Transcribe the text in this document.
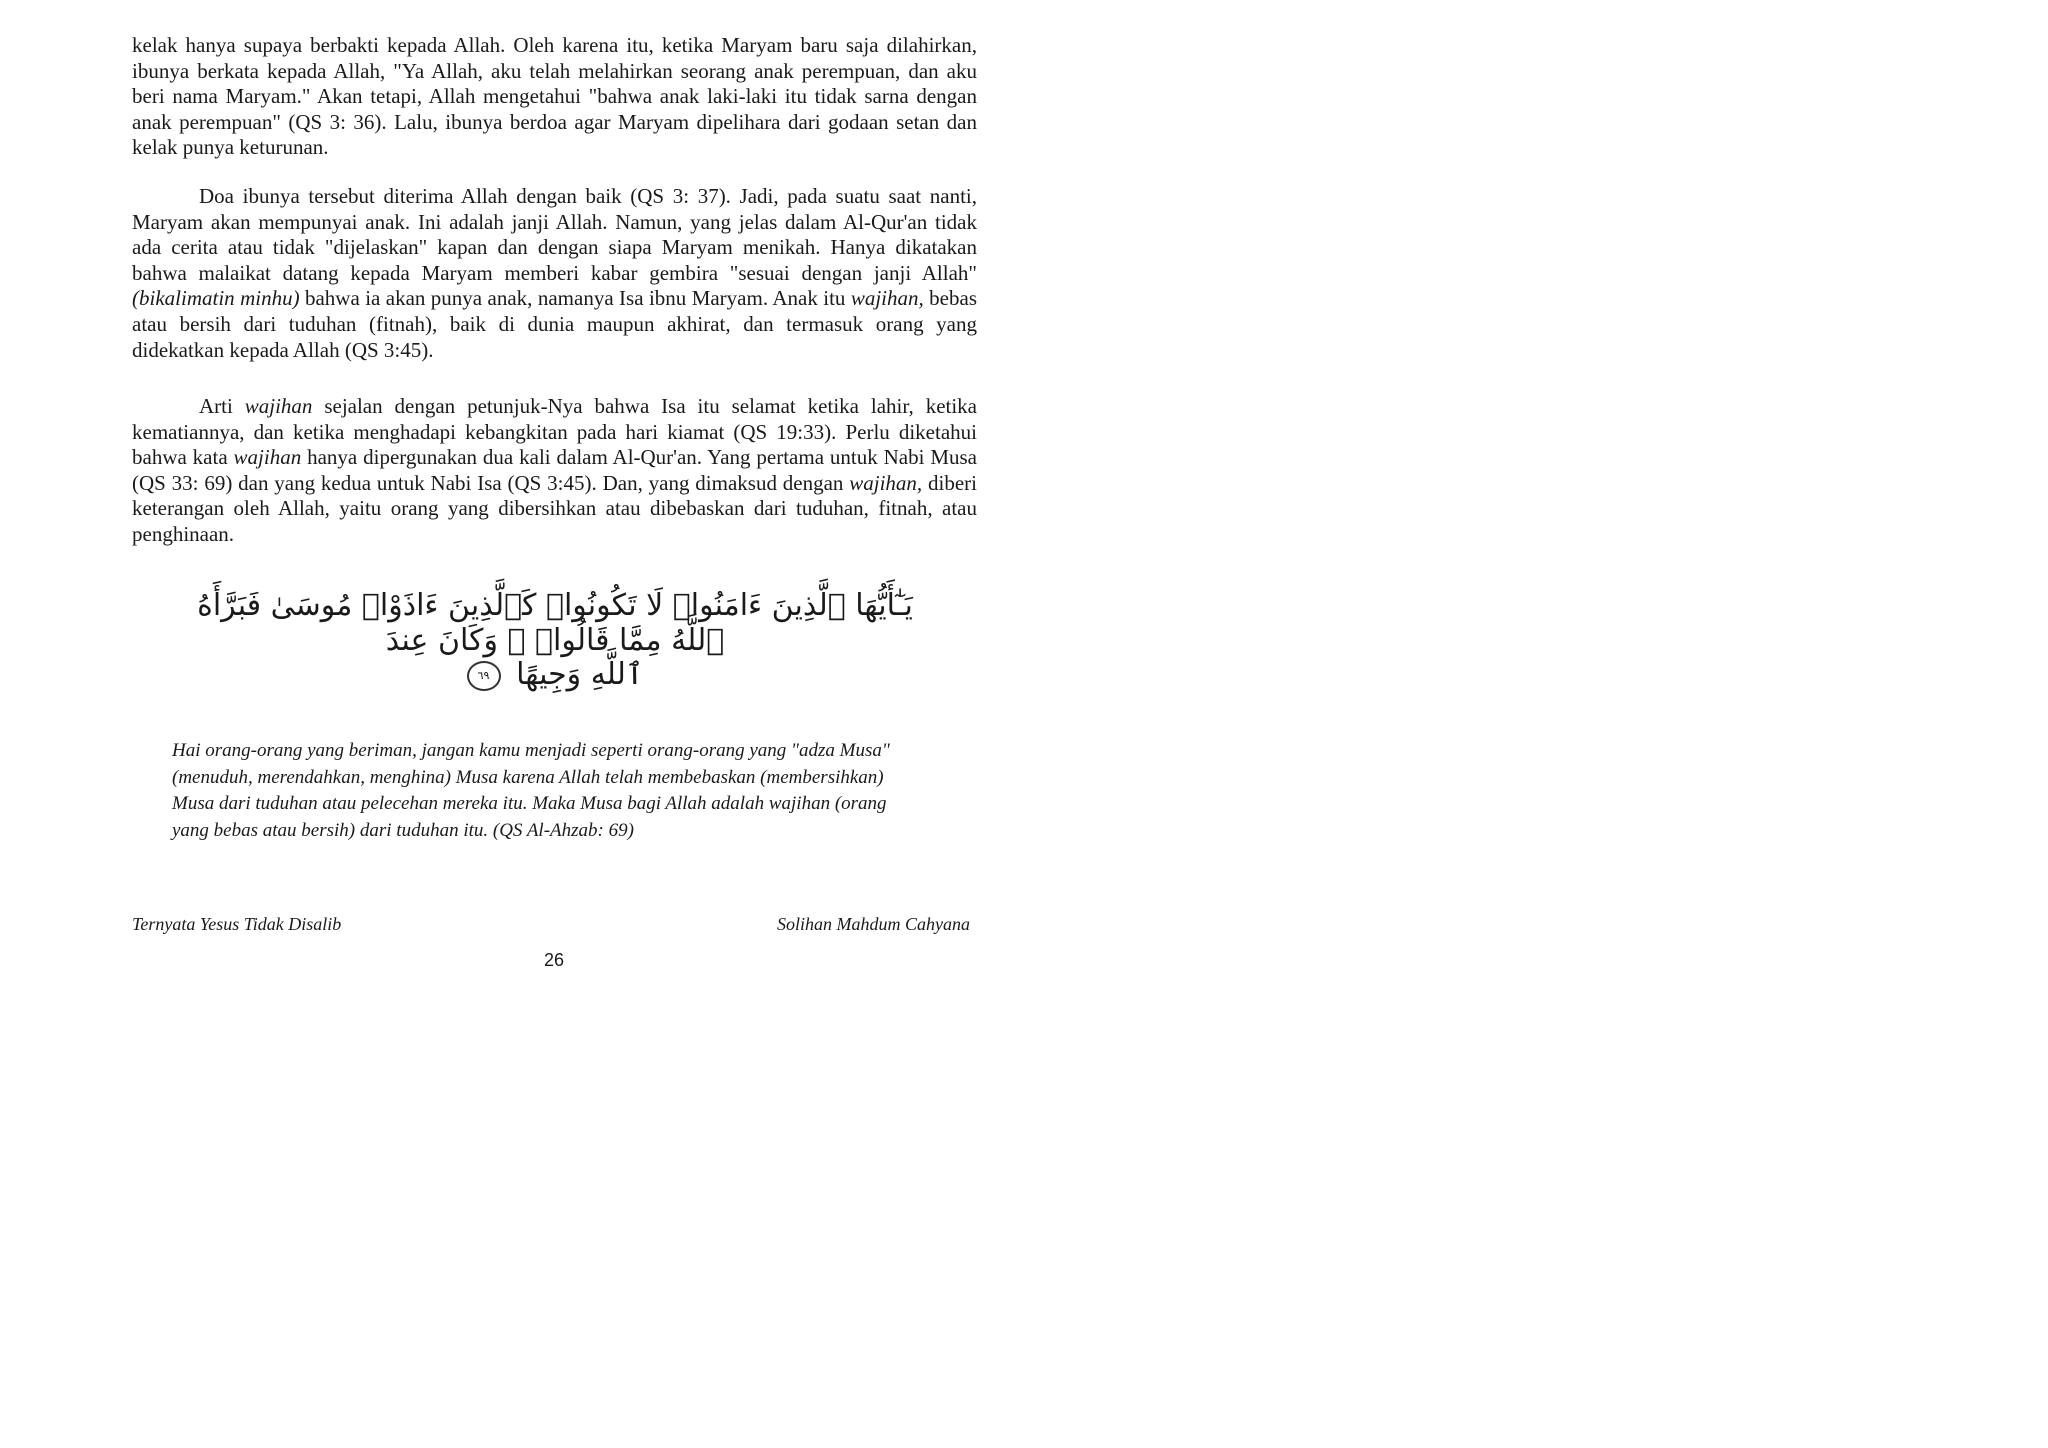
kelak hanya supaya berbakti kepada Allah. Oleh karena itu, ketika Maryam baru saja dilahirkan, ibunya berkata kepada Allah, "Ya Allah, aku telah melahirkan seorang anak perempuan, dan aku beri nama Maryam." Akan tetapi, Allah mengetahui "bahwa anak laki-laki itu tidak sarna dengan anak perempuan" (QS 3: 36). Lalu, ibunya berdoa agar Maryam dipelihara dari godaan setan dan kelak punya keturunan.

Doa ibunya tersebut diterima Allah dengan baik (QS 3: 37). Jadi, pada suatu saat nanti, Maryam akan mempunyai anak. Ini adalah janji Allah. Namun, yang jelas dalam Al-Qur'an tidak ada cerita atau tidak "dijelaskan" kapan dan dengan siapa Maryam menikah. Hanya dikatakan bahwa malaikat datang kepada Maryam memberi kabar gembira "sesuai dengan janji Allah" (bikalimatin minhu) bahwa ia akan punya anak, namanya Isa ibnu Maryam. Anak itu wajihan, bebas atau bersih dari tuduhan (fitnah), baik di dunia maupun akhirat, dan termasuk orang yang didekatkan kepada Allah (QS 3:45).

Arti wajihan sejalan dengan petunjuk-Nya bahwa Isa itu selamat ketika lahir, ketika kematiannya, dan ketika menghadapi kebangkitan pada hari kiamat (QS 19:33). Perlu diketahui bahwa kata wajihan hanya dipergunakan dua kali dalam Al-Qur'an. Yang pertama untuk Nabi Musa (QS 33: 69) dan yang kedua untuk Nabi Isa (QS 3:45). Dan, yang dimaksud dengan wajihan, diberi keterangan oleh Allah, yaitu orang yang dibersihkan atau dibebaskan dari tuduhan, fitnah, atau penghinaan.

يَـٰٓأَيُّهَا ٱلَّذِينَ ءَامَنُوا۟ لَا تَكُونُوا۟ كَٱلَّذِينَ ءَاذَوْا۟ مُوسَىٰ فَبَرَّأَهُ ٱللَّهُ مِمَّا قَالُوا۟ ۚ وَكَانَ عِندَ
ٱللَّهِ وَجِيهًا ٦٩

Hai orang-orang yang beriman, jangan kamu menjadi seperti orang-orang yang "adza Musa" (menuduh, merendahkan, menghina) Musa karena Allah telah membebaskan (membersihkan) Musa dari tuduhan atau pelecehan mereka itu. Maka Musa bagi Allah adalah wajihan (orang yang bebas atau bersih) dari tuduhan itu. (QS Al-Ahzab: 69)

Ternyata Yesus Tidak Disalib	Solihan Mahdum Cahyana
26
